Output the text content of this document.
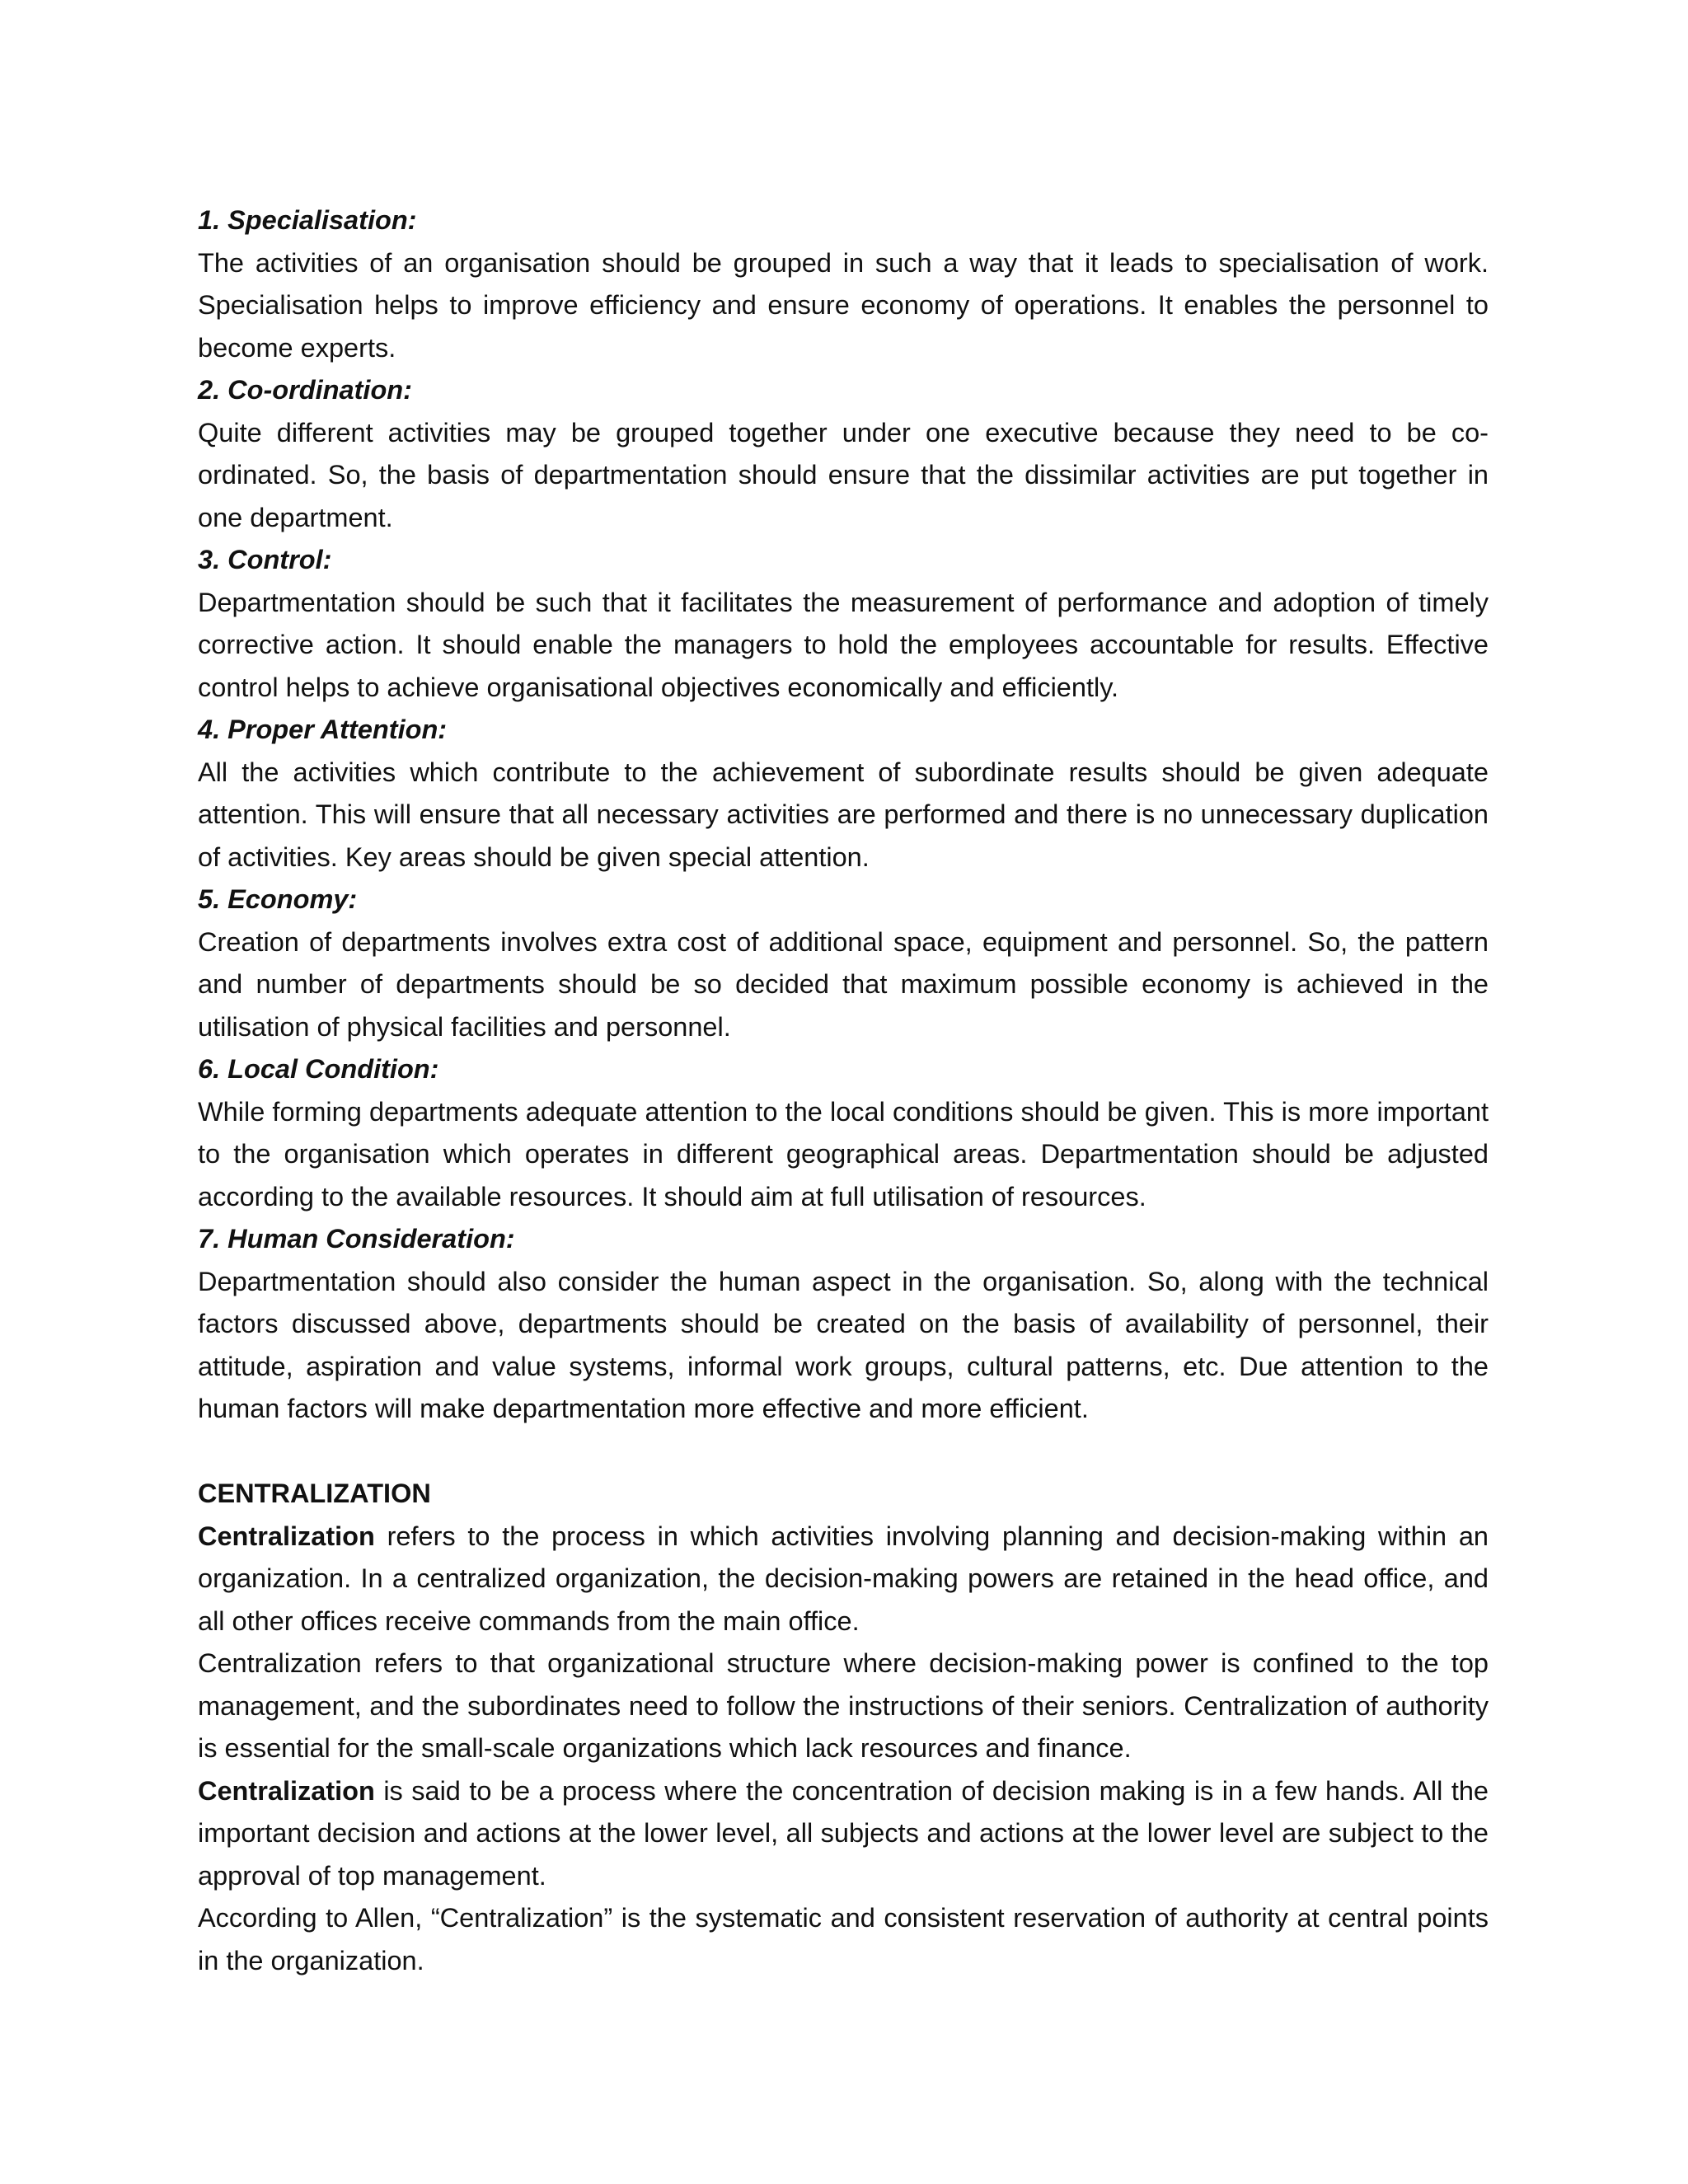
1. Specialisation:

The activities of an organisation should be grouped in such a way that it leads to specialisation of work. Specialisation helps to improve efficiency and ensure economy of operations. It enables the personnel to become experts.

2. Co-ordination:

Quite different activities may be grouped together under one executive because they need to be co-ordinated. So, the basis of departmentation should ensure that the dissimilar activities are put together in one department.

3. Control:

Departmentation should be such that it facilitates the measurement of performance and adoption of timely corrective action. It should enable the managers to hold the employees accountable for results. Effective control helps to achieve organisational objectives economically and efficiently.

4. Proper Attention:

All the activities which contribute to the achievement of subordinate results should be given adequate attention. This will ensure that all necessary activities are performed and there is no unnecessary duplication of activities. Key areas should be given special attention.

5. Economy:

Creation of departments involves extra cost of additional space, equipment and personnel. So, the pattern and number of departments should be so decided that maximum possible economy is achieved in the utilisation of physical facilities and personnel.

6. Local Condition:

While forming departments adequate attention to the local conditions should be given. This is more important to the organisation which operates in different geographical areas. Departmentation should be adjusted according to the available resources. It should aim at full utilisation of resources.

7. Human Consideration:

Departmentation should also consider the human aspect in the organisation. So, along with the technical factors discussed above, departments should be created on the basis of availability of personnel, their attitude, aspiration and value systems, informal work groups, cultural patterns, etc. Due attention to the human factors will make departmentation more effective and more efficient.

CENTRALIZATION

Centralization refers to the process in which activities involving planning and decision-making within an organization. In a centralized organization, the decision-making powers are retained in the head office, and all other offices receive commands from the main office.

Centralization refers to that organizational structure where decision-making power is confined to the top management, and the subordinates need to follow the instructions of their seniors. Centralization of authority is essential for the small-scale organizations which lack resources and finance.

Centralization is said to be a process where the concentration of decision making is in a few hands. All the important decision and actions at the lower level, all subjects and actions at the lower level are subject to the approval of top management.

According to Allen, “Centralization” is the systematic and consistent reservation of authority at central points in the organization.
